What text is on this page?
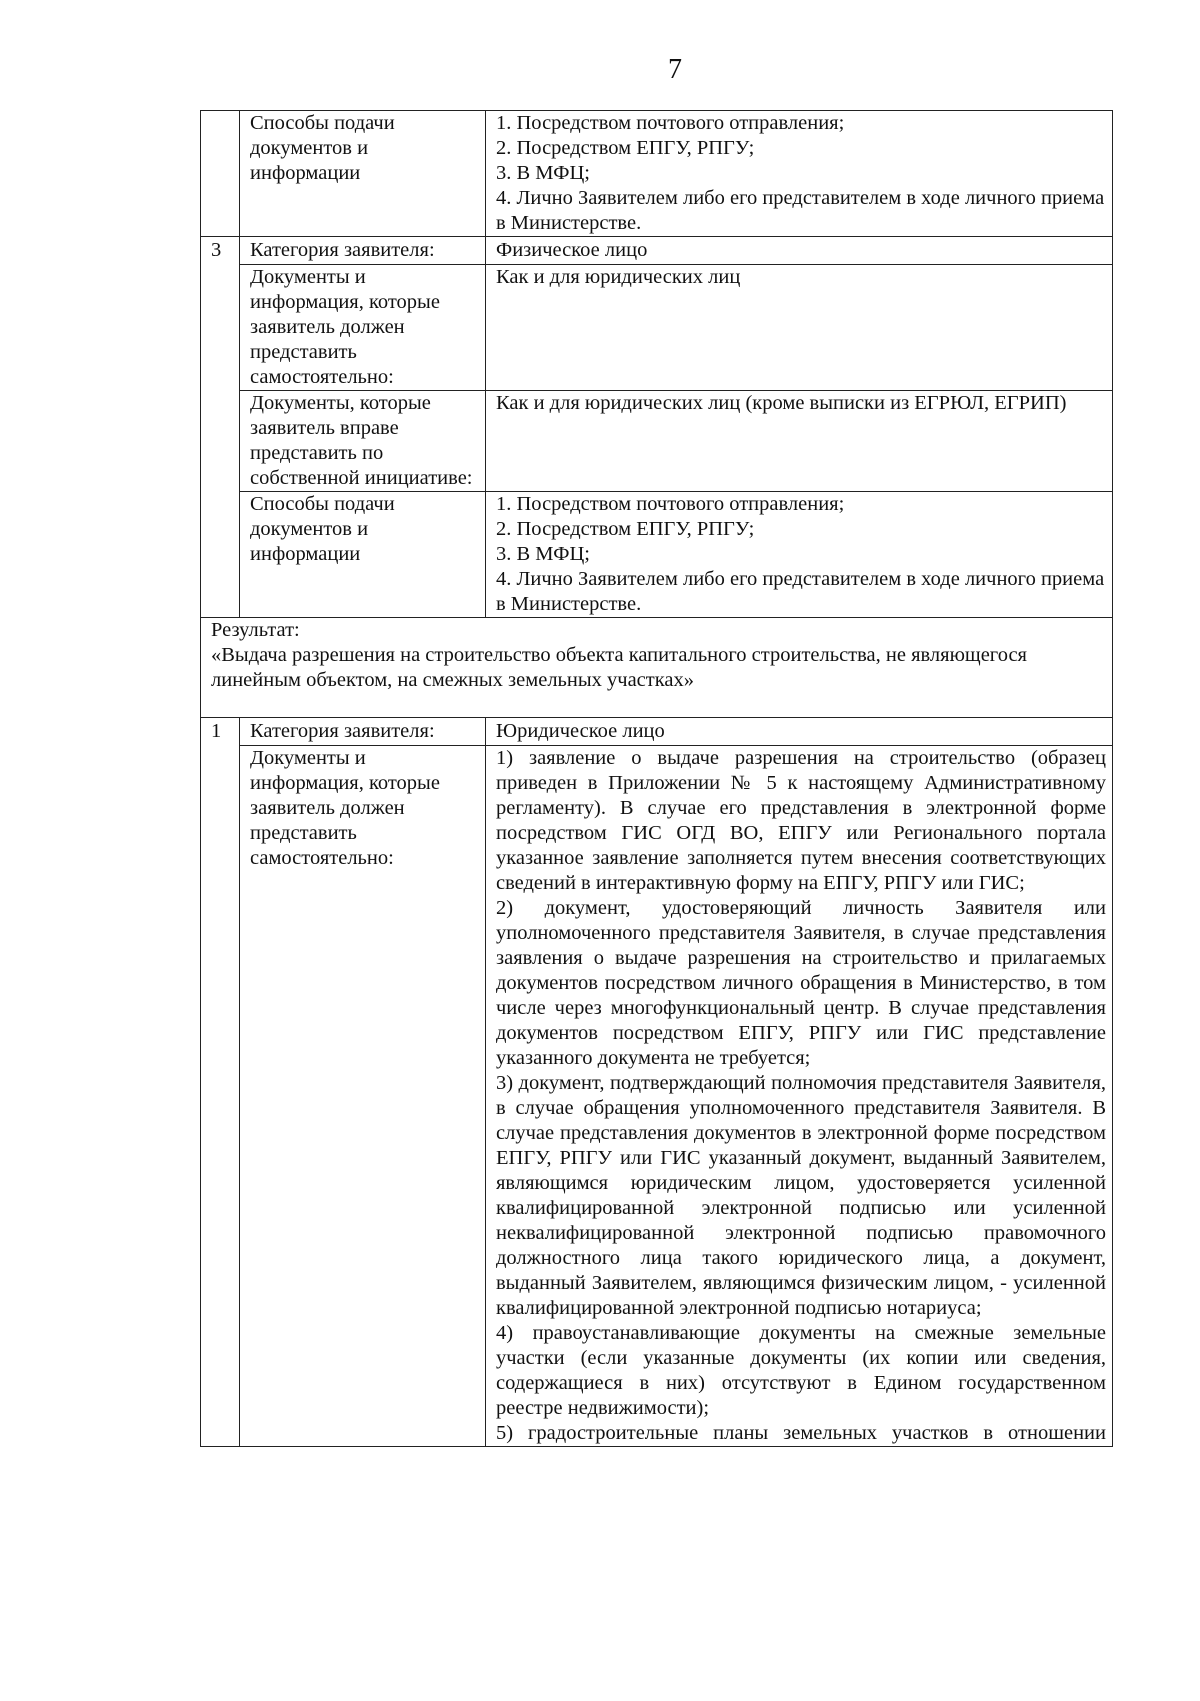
7
	Способы подачи документов и информации	1. Посредством почтового отправления;
2. Посредством ЕПГУ, РПГУ;
3. В МФЦ;
4. Лично Заявителем либо его представителем в ходе личного приема в Министерстве.

3	Категория заявителя:	Физическое лицо
	Документы и информация, которые заявитель должен представить самостоятельно:	Как и для юридических лиц
	Документы, которые заявитель вправе представить по собственной инициативе:	Как и для юридических лиц (кроме выписки из ЕГРЮЛ, ЕГРИП)
	Способы подачи документов и информации	1. Посредством почтового отправления;
2. Посредством ЕПГУ, РПГУ;
3. В МФЦ;
4. Лично Заявителем либо его представителем в ходе личного приема в Министерстве.

Результат:
«Выдача разрешения на строительство объекта капитального строительства, не являющегося линейным объектом, на смежных земельных участках»		

1	Категория заявителя:	Юридическое лицо
	Документы и информация, которые заявитель должен представить самостоятельно:	1) заявление о выдаче разрешения на строительство (образец приведен в Приложении № 5 к настоящему Административному регламенту). В случае его представления в электронной форме посредством ГИС ОГД ВО, ЕПГУ или Регионального портала указанное заявление заполняется путем внесения соответствующих сведений в интерактивную форму на ЕПГУ, РПГУ или ГИС;
2) документ, удостоверяющий личность Заявителя или уполномоченного представителя Заявителя, в случае представления заявления о выдаче разрешения на строительство и прилагаемых документов посредством личного обращения в Министерство, в том числе через многофункциональный центр. В случае представления документов посредством ЕПГУ, РПГУ или ГИС представление указанного документа не требуется;
3) документ, подтверждающий полномочия представителя Заявителя, в случае обращения уполномоченного представителя Заявителя. В случае представления документов в электронной форме посредством ЕПГУ, РПГУ или ГИС указанный документ, выданный Заявителем, являющимся юридическим лицом, удостоверяется усиленной квалифицированной электронной подписью или усиленной неквалифицированной электронной подписью правомочного должностного лица такого юридического лица, а документ, выданный Заявителем, являющимся физическим лицом, - усиленной квалифицированной электронной подписью нотариуса;
4) правоустанавливающие документы на смежные земельные участки (если указанные документы (их копии или сведения, содержащиеся в них) отсутствуют в Едином государственном реестре недвижимости);
5) градостроительные планы земельных участков в отношении
